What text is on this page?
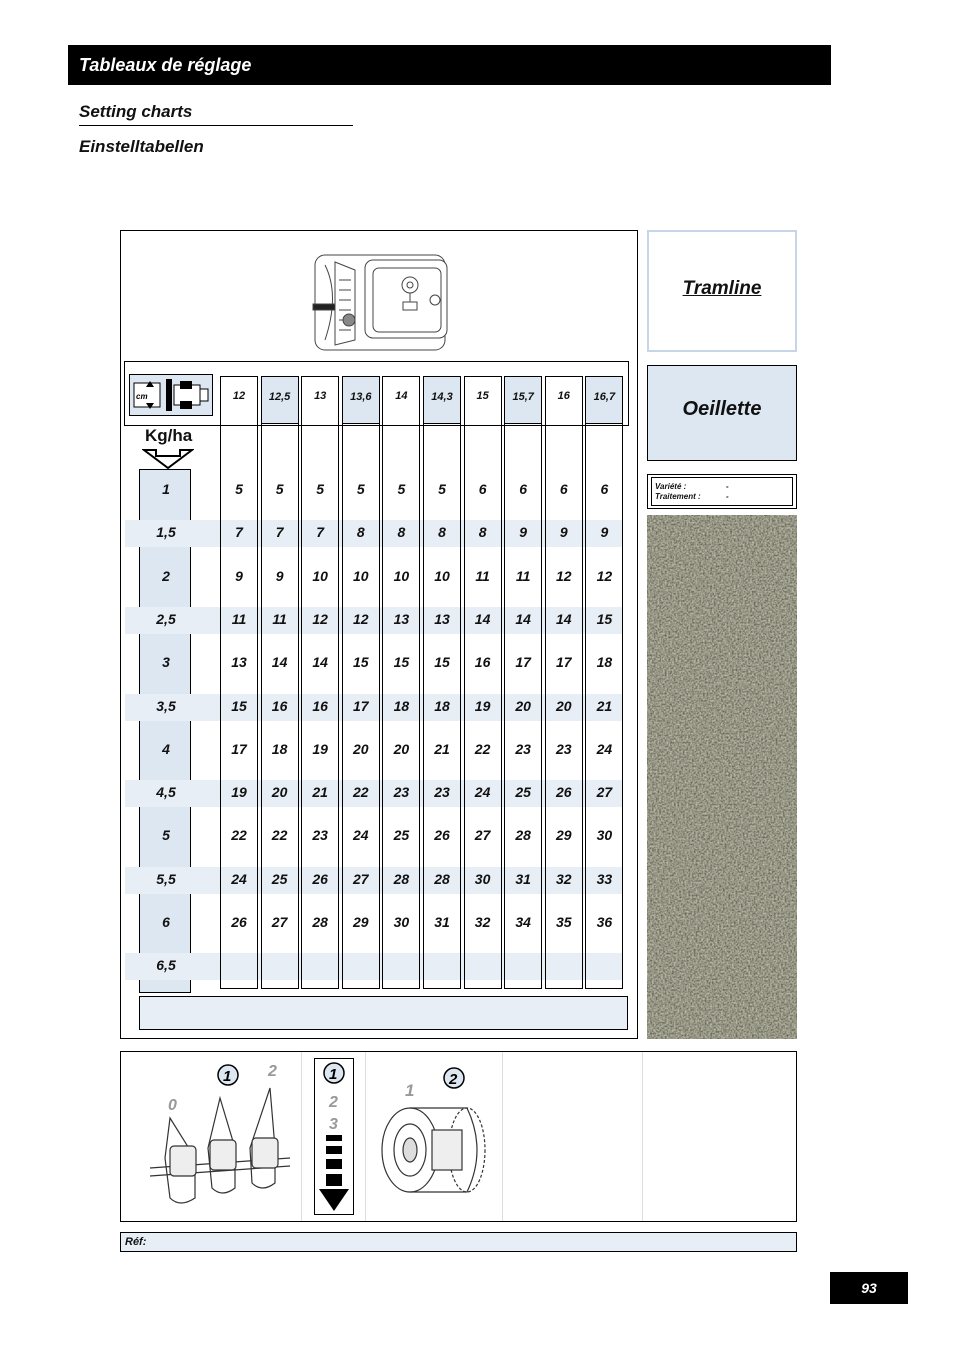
Tableaux de réglage
Setting charts
Einstelltabellen
cm
Kg/ha
12	12,5	13	13,6	14	14,3	15	15,7	16	16,7
1	5	5	5	5	5	5	6	6	6	6
1,5	7	7	7	8	8	8	8	9	9	9
2	9	9	10	10	10	10	11	11	12	12
2,5	11	11	12	12	13	13	14	14	14	15
3	13	14	14	15	15	15	16	17	17	18
3,5	15	16	16	17	18	18	19	20	20	21
4	17	18	19	20	20	21	22	23	23	24
4,5	19	20	21	22	23	23	24	25	26	27
5	22	22	23	24	25	26	27	28	29	30
5,5	24	25	26	27	28	28	30	31	32	33
6	26	27	28	29	30	31	32	34	35	36
6,5
Tramline
Oeillette
Variété :	-
Traitement :	-
0
1 2	1
2
3
1
2
Réf:
93
